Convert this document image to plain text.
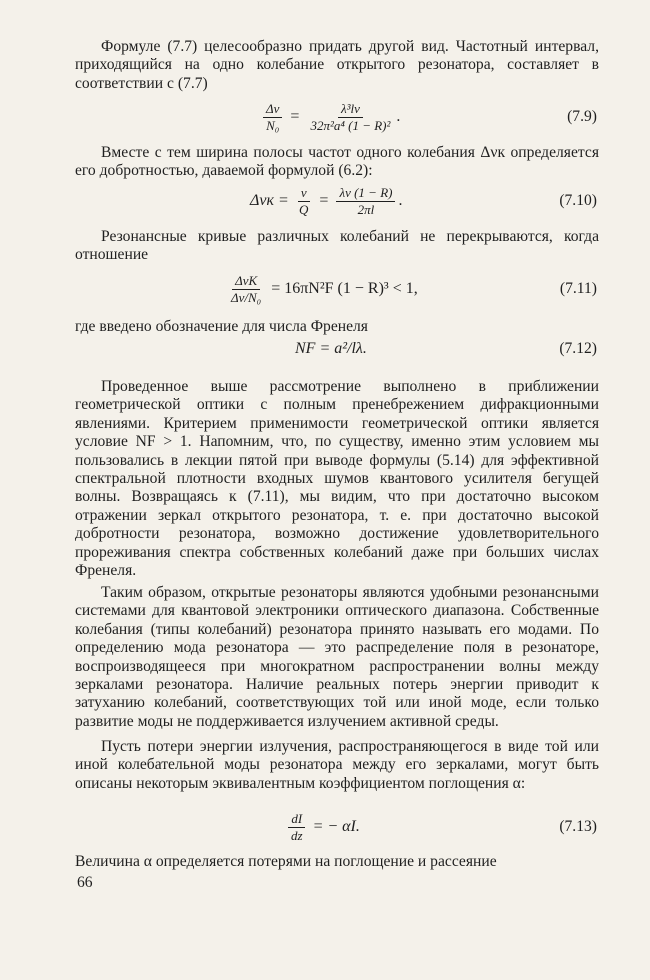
Формуле (7.7) целесообразно придать другой вид. Частотный интервал, приходящийся на одно колебание открытого резонатора, составляет в соответствии с (7.7)

$\frac{\Delta\nu}{\text{N₀}} = \frac{\text{λ³lν}}{\text{32π²a⁴ (1 − R)²}}$ .	(7.9)

Вместе с тем ширина полосы частот одного колебания Δνк определяется его добротностью, даваемой формулой (6.2):

$\Delta\nu к = \frac{\nu}{Q} = \frac{\lambda\nu (1 - R)}{2\pi l}$ .	(7.10)

Резонансные кривые различных колебаний не перекрываются, когда отношение

$\frac{\text{ΔνК}}{\text{Δν/N₀}} = 16\pi N^2F$ (1 − R)³ < 1,	(7.11)

где введено обозначение для числа Френеля

NF = a²/lλ.	(7.12)

Проведенное выше рассмотрение выполнено в приближении геометрической оптики с полным пренебрежением дифракционными явлениями. Критерием применимости геометрической оптики является условие NF > 1. Напомним, что, по существу, именно этим условием мы пользовались в лекции пятой при выводе формулы (5.14) для эффективной спектральной плотности входных шумов квантового усилителя бегущей волны. Возвращаясь к (7.11), мы видим, что при достаточно высоком отражении зеркал открытого резонатора, т. е. при достаточно высокой добротности резонатора, возможно достижение удовлетворительного прореживания спектра собственных колебаний даже при больших числах Френеля.

Таким образом, открытые резонаторы являются удобными резонансными системами для квантовой электроники оптического диапазона. Собственные колебания (типы колебаний) резонатора принято называть его модами. По определению мода резонатора — это распределение поля в резонаторе, воспроизводящееся при многократном распространении волны между зеркалами резонатора. Наличие реальных потерь энергии приводит к затуханию колебаний, соответствующих той или иной моде, если только развитие моды не поддерживается излучением активной среды.

Пусть потери энергии излучения, распространяющегося в виде той или иной колебательной моды резонатора между его зеркалами, могут быть описаны некоторым эквивалентным коэффициентом поглощения α:

$\frac{dI}{dz}$ = − αI.	(7.13)

Величина α определяется потерями на поглощение и рассеяние

66
